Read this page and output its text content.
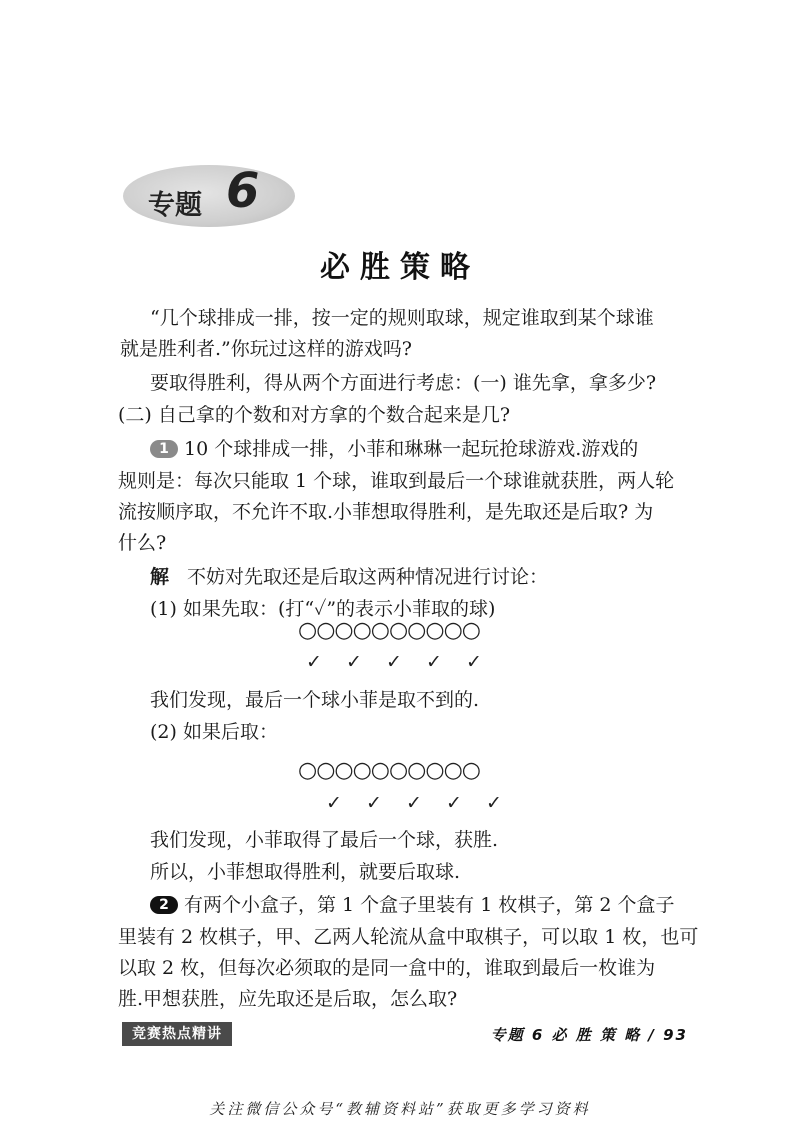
专题 6
必胜策略
“几个球排成一排，按一定的规则取球，规定谁取到某个球谁
就是胜利者.”你玩过这样的游戏吗?
要取得胜利，得从两个方面进行考虑：(一) 谁先拿，拿多少?
(二) 自己拿的个数和对方拿的个数合起来是几?
1 10 个球排成一排，小菲和琳琳一起玩抢球游戏.游戏的
规则是：每次只能取 1 个球，谁取到最后一个球谁就获胜，两人轮
流按顺序取，不允许不取.小菲想取得胜利，是先取还是后取? 为
什么?
解 不妨对先取还是后取这两种情况进行讨论：
(1) 如果先取：(打“✓”的表示小菲取的球)
○○○○○○○○○○
✓ ✓ ✓ ✓ ✓
我们发现，最后一个球小菲是取不到的.
(2) 如果后取：
○○○○○○○○○○
✓ ✓ ✓ ✓ ✓
我们发现，小菲取得了最后一个球，获胜.
所以，小菲想取得胜利，就要后取球.
2 有两个小盒子，第 1 个盒子里装有 1 枚棋子，第 2 个盒子
里装有 2 枚棋子，甲、乙两人轮流从盒中取棋子，可以取 1 枚，也可
以取 2 枚，但每次必须取的是同一盒中的，谁取到最后一枚谁为
胜.甲想获胜，应先取还是后取，怎么取?
竞赛热点精讲	专题 6 必 胜 策 略 / 93
关注微信公众号“教辅资料站”获取更多学习资料
